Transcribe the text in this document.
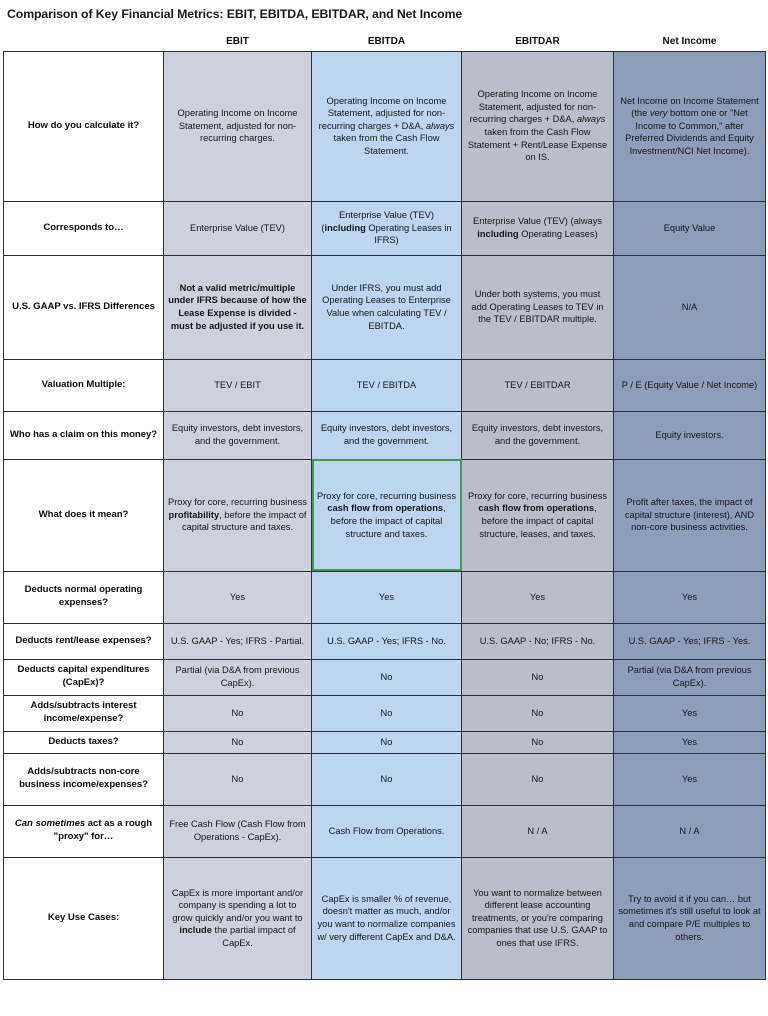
Comparison of Key Financial Metrics: EBIT, EBITDA, EBITDAR, and Net Income
	EBIT	EBITDA	EBITDAR	Net Income
How do you calculate it?	Operating Income on Income Statement, adjusted for non-recurring charges.	Operating Income on Income Statement, adjusted for non-recurring charges + D&A, always taken from the Cash Flow Statement.	Operating Income on Income Statement, adjusted for non-recurring charges + D&A, always taken from the Cash Flow Statement + Rent/Lease Expense on IS.	Net Income on Income Statement (the very bottom one or "Net Income to Common," after Preferred Dividends and Equity Investment/NCI Net Income).
Corresponds to…	Enterprise Value (TEV)	Enterprise Value (TEV) (including Operating Leases in IFRS)	Enterprise Value (TEV) (always including Operating Leases)	Equity Value
U.S. GAAP vs. IFRS Differences	Not a valid metric/multiple under IFRS because of how the Lease Expense is divided - must be adjusted if you use it.	Under IFRS, you must add Operating Leases to Enterprise Value when calculating TEV / EBITDA.	Under both systems, you must add Operating Leases to TEV in the TEV / EBITDAR multiple.	N/A
Valuation Multiple:	TEV / EBIT	TEV / EBITDA	TEV / EBITDAR	P / E (Equity Value / Net Income)
Who has a claim on this money?	Equity investors, debt investors, and the government.	Equity investors, debt investors, and the government.	Equity investors, debt investors, and the government.	Equity investors.
What does it mean?	Proxy for core, recurring business profitability, before the impact of capital structure and taxes.	Proxy for core, recurring business cash flow from operations, before the impact of capital structure and taxes.	Proxy for core, recurring business cash flow from operations, before the impact of capital structure, leases, and taxes.	Profit after taxes, the impact of capital structure (interest), AND non-core business activities.
Deducts normal operating expenses?	Yes	Yes	Yes	Yes
Deducts rent/lease expenses?	U.S. GAAP - Yes; IFRS - Partial.	U.S. GAAP - Yes; IFRS - No.	U.S. GAAP - No; IFRS - No.	U.S. GAAP - Yes; IFRS - Yes.
Deducts capital expenditures (CapEx)?	Partial (via D&A from previous CapEx).	No	No	Partial (via D&A from previous CapEx).
Adds/subtracts interest income/expense?	No	No	No	Yes
Deducts taxes?	No	No	No	Yes
Adds/subtracts non-core business income/expenses?	No	No	No	Yes
Can sometimes act as a rough "proxy" for…	Free Cash Flow (Cash Flow from Operations - CapEx).	Cash Flow from Operations.	N / A	N / A
Key Use Cases:	CapEx is more important and/or company is spending a lot to grow quickly and/or you want to include the partial impact of CapEx.	CapEx is smaller % of revenue, doesn't matter as much, and/or you want to normalize companies w/ very different CapEx and D&A.	You want to normalize between different lease accounting treatments, or you're comparing companies that use U.S. GAAP to ones that use IFRS.	Try to avoid it if you can… but sometimes it's still useful to look at and compare P/E multiples to others.
